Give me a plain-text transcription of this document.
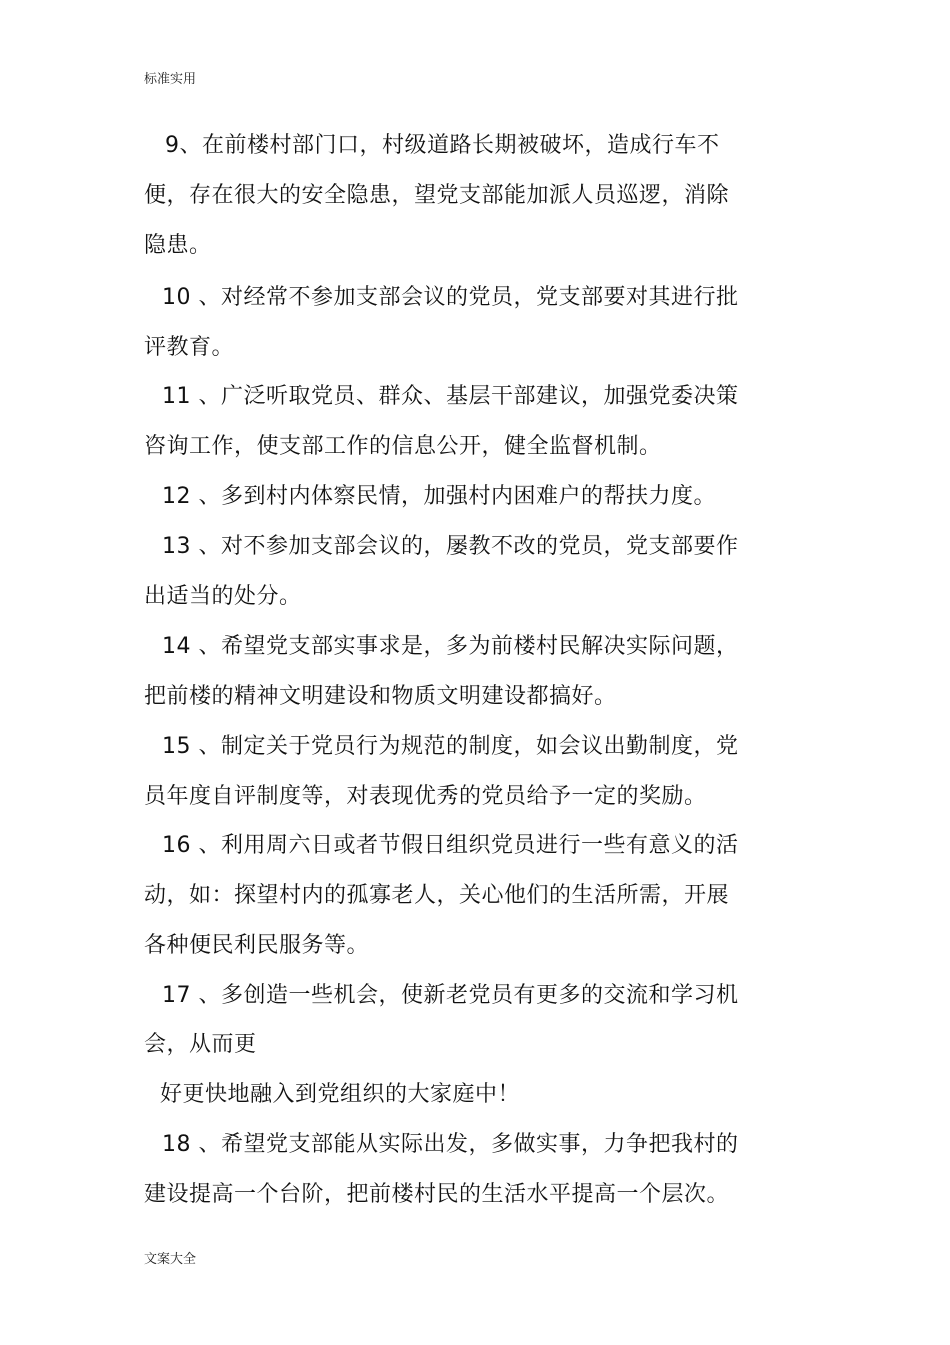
标准实用
9、在前楼村部门口，村级道路长期被破坏，造成行车不
便，存在很大的安全隐患，望党支部能加派人员巡逻，消除
隐患。
10 、对经常不参加支部会议的党员，党支部要对其进行批
评教育。
11 、广泛听取党员、群众、基层干部建议，加强党委决策
咨询工作，使支部工作的信息公开，健全监督机制。
12 、多到村内体察民情，加强村内困难户的帮扶力度。
13 、对不参加支部会议的，屡教不改的党员，党支部要作
出适当的处分。
14 、希望党支部实事求是，多为前楼村民解决实际问题，
把前楼的精神文明建设和物质文明建设都搞好。
15 、制定关于党员行为规范的制度，如会议出勤制度，党
员年度自评制度等，对表现优秀的党员给予一定的奖励。
16 、利用周六日或者节假日组织党员进行一些有意义的活
动，如：探望村内的孤寡老人，关心他们的生活所需，开展
各种便民利民服务等。
17 、多创造一些机会，使新老党员有更多的交流和学习机
会，从而更
好更快地融入到党组织的大家庭中！
18 、希望党支部能从实际出发，多做实事，力争把我村的
建设提高一个台阶，把前楼村民的生活水平提高一个层次。
文案大全
